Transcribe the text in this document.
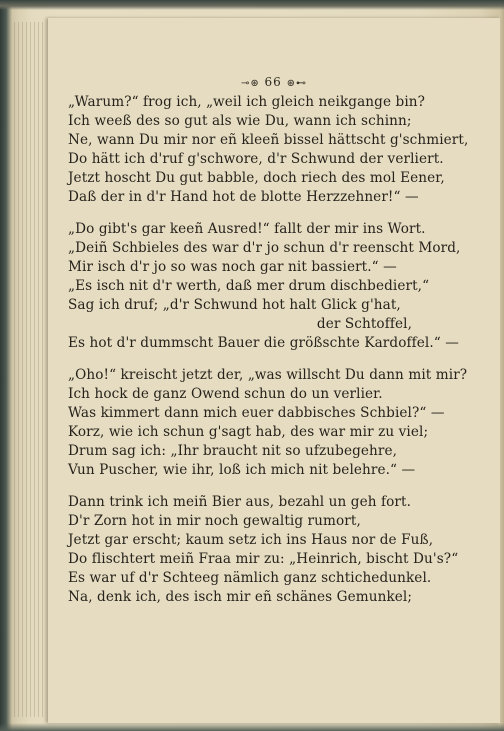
⊸⊛ 66 ⊛⊷
„Warum?“ frog ich, „weil ich gleich neikgange bin?
Ich weeß des so gut als wie Du, wann ich schinn;
Ne, wann Du mir nor eñ kleeñ bissel hättscht g'schmiert,
Do hätt ich d'ruf g'schwore, d'r Schwund der verliert.
Jetzt hoscht Du gut babble, doch riech des mol Eener,
Daß der in d'r Hand hot de blotte Herzzehner!“ —
„Do gibt's gar keeñ Ausred!“ fallt der mir ins Wort.
„Deiñ Schbieles des war d'r jo schun d'r reenscht Mord,
Mir isch d'r jo so was noch gar nit bassiert.“ —
„Es isch nit d'r werth, daß mer drum dischbediert,“
Sag ich druf; „d'r Schwund hot halt Glick g'hat,
der Schtoffel,
Es hot d'r dummscht Bauer die größschte Kardoffel.“ —
„Oho!“ kreischt jetzt der, „was willscht Du dann mit mir?
Ich hock de ganz Owend schun do un verlier.
Was kimmert dann mich euer dabbisches Schbiel?“ —
Korz, wie ich schun g'sagt hab, des war mir zu viel;
Drum sag ich: „Ihr braucht nit so ufzubegehre,
Vun Puscher, wie ihr, loß ich mich nit belehre.“ —
Dann trink ich meiñ Bier aus, bezahl un geh fort.
D'r Zorn hot in mir noch gewaltig rumort,
Jetzt gar erscht; kaum setz ich ins Haus nor de Fuß,
Do flischtert meiñ Fraa mir zu: „Heinrich, bischt Du's?“
Es war uf d'r Schteeg nämlich ganz schtichedunkel.
Na, denk ich, des isch mir eñ schänes Gemunkel;
